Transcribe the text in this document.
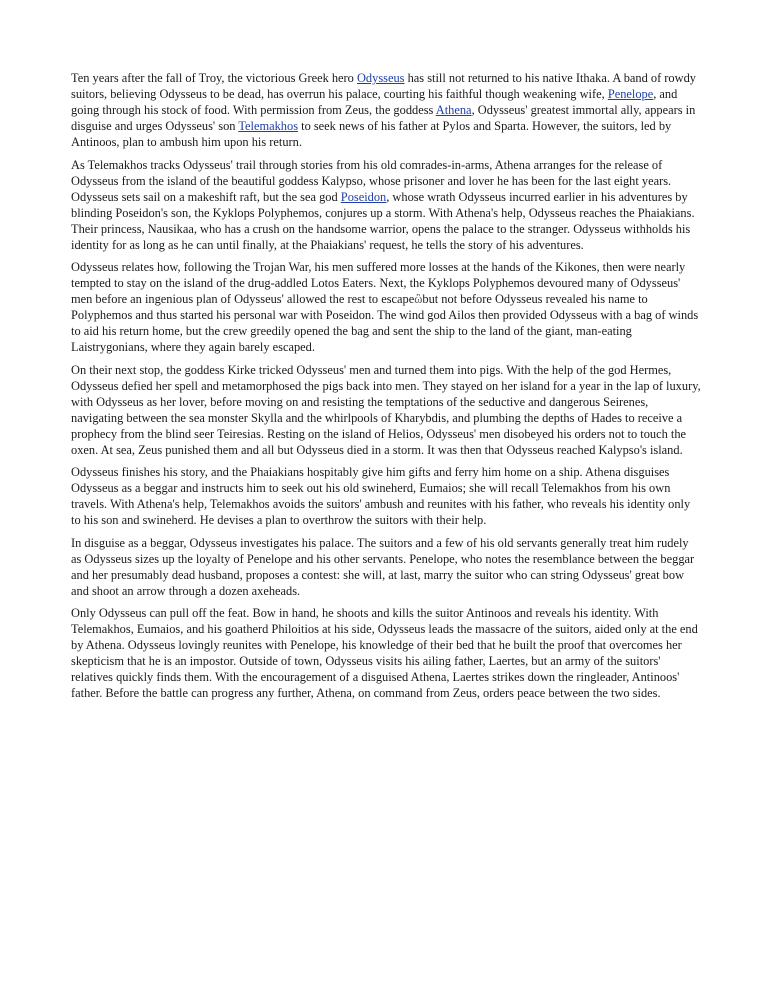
Ten years after the fall of Troy, the victorious Greek hero Odysseus has still not returned to his native Ithaka. A band of rowdy suitors, believing Odysseus to be dead, has overrun his palace, courting his faithful though weakening wife, Penelope, and going through his stock of food. With permission from Zeus, the goddess Athena, Odysseus' greatest immortal ally, appears in disguise and urges Odysseus' son Telemakhos to seek news of his father at Pylos and Sparta. However, the suitors, led by Antinoos, plan to ambush him upon his return.

As Telemakhos tracks Odysseus' trail through stories from his old comrades-in-arms, Athena arranges for the release of Odysseus from the island of the beautiful goddess Kalypso, whose prisoner and lover he has been for the last eight years. Odysseus sets sail on a makeshift raft, but the sea god Poseidon, whose wrath Odysseus incurred earlier in his adventures by blinding Poseidon's son, the Kyklops Polyphemos, conjures up a storm. With Athena's help, Odysseus reaches the Phaiakians. Their princess, Nausikaa, who has a crush on the handsome warrior, opens the palace to the stranger. Odysseus withholds his identity for as long as he can until finally, at the Phaiakians' request, he tells the story of his adventures.

Odysseus relates how, following the Trojan War, his men suffered more losses at the hands of the Kikones, then were nearly tempted to stay on the island of the drug-addled Lotos Eaters. Next, the Kyklops Polyphemos devoured many of Odysseus' men before an ingenious plan of Odysseus' allowed the rest to escapeὢbut not before Odysseus revealed his name to Polyphemos and thus started his personal war with Poseidon. The wind god Ailos then provided Odysseus with a bag of winds to aid his return home, but the crew greedily opened the bag and sent the ship to the land of the giant, man-eating Laistrygonians, where they again barely escaped.

On their next stop, the goddess Kirke tricked Odysseus' men and turned them into pigs. With the help of the god Hermes, Odysseus defied her spell and metamorphosed the pigs back into men. They stayed on her island for a year in the lap of luxury, with Odysseus as her lover, before moving on and resisting the temptations of the seductive and dangerous Seirenes, navigating between the sea monster Skylla and the whirlpools of Kharybdis, and plumbing the depths of Hades to receive a prophecy from the blind seer Teiresias. Resting on the island of Helios, Odysseus' men disobeyed his orders not to touch the oxen. At sea, Zeus punished them and all but Odysseus died in a storm. It was then that Odysseus reached Kalypso's island.

Odysseus finishes his story, and the Phaiakians hospitably give him gifts and ferry him home on a ship. Athena disguises Odysseus as a beggar and instructs him to seek out his old swineherd, Eumaios; she will recall Telemakhos from his own travels. With Athena's help, Telemakhos avoids the suitors' ambush and reunites with his father, who reveals his identity only to his son and swineherd. He devises a plan to overthrow the suitors with their help.

In disguise as a beggar, Odysseus investigates his palace. The suitors and a few of his old servants generally treat him rudely as Odysseus sizes up the loyalty of Penelope and his other servants. Penelope, who notes the resemblance between the beggar and her presumably dead husband, proposes a contest: she will, at last, marry the suitor who can string Odysseus' great bow and shoot an arrow through a dozen axeheads.

Only Odysseus can pull off the feat. Bow in hand, he shoots and kills the suitor Antinoos and reveals his identity. With Telemakhos, Eumaios, and his goatherd Philoitios at his side, Odysseus leads the massacre of the suitors, aided only at the end by Athena. Odysseus lovingly reunites with Penelope, his knowledge of their bed that he built the proof that overcomes her skepticism that he is an impostor. Outside of town, Odysseus visits his ailing father, Laertes, but an army of the suitors' relatives quickly finds them. With the encouragement of a disguised Athena, Laertes strikes down the ringleader, Antinoos' father. Before the battle can progress any further, Athena, on command from Zeus, orders peace between the two sides.
